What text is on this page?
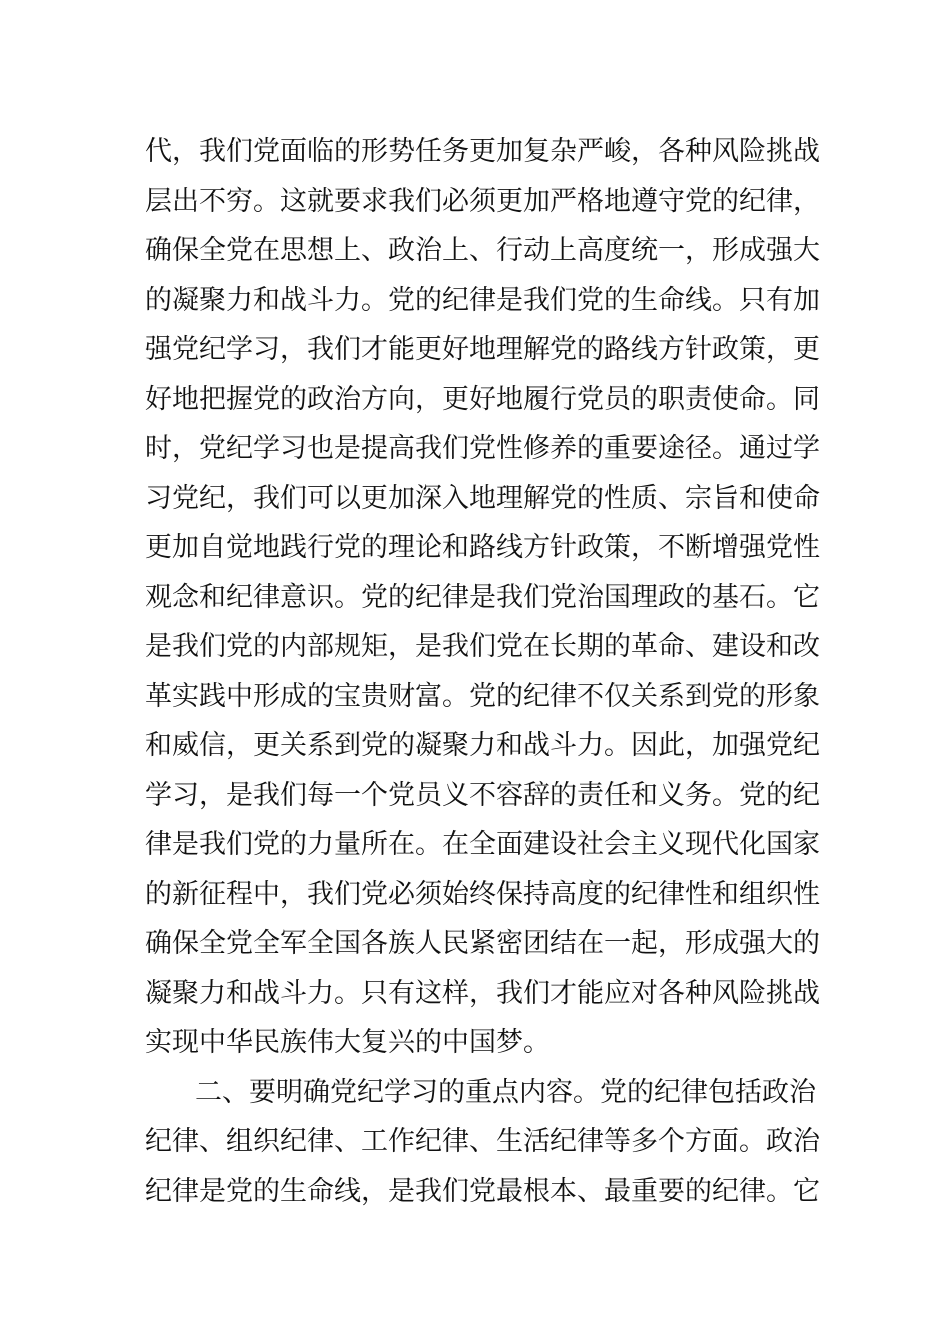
代，我们党面临的形势任务更加复杂严峻，各种风险挑战
层出不穷。这就要求我们必须更加严格地遵守党的纪律，
确保全党在思想上、政治上、行动上高度统一，形成强大
的凝聚力和战斗力。党的纪律是我们党的生命线。只有加
强党纪学习，我们才能更好地理解党的路线方针政策，更
好地把握党的政治方向，更好地履行党员的职责使命。同
时，党纪学习也是提高我们党性修养的重要途径。通过学
习党纪，我们可以更加深入地理解党的性质、宗旨和使命
更加自觉地践行党的理论和路线方针政策，不断增强党性
观念和纪律意识。党的纪律是我们党治国理政的基石。它
是我们党的内部规矩，是我们党在长期的革命、建设和改
革实践中形成的宝贵财富。党的纪律不仅关系到党的形象
和威信，更关系到党的凝聚力和战斗力。因此，加强党纪
学习，是我们每一个党员义不容辞的责任和义务。党的纪
律是我们党的力量所在。在全面建设社会主义现代化国家
的新征程中，我们党必须始终保持高度的纪律性和组织性
确保全党全军全国各族人民紧密团结在一起，形成强大的
凝聚力和战斗力。只有这样，我们才能应对各种风险挑战
实现中华民族伟大复兴的中国梦。
二、要明确党纪学习的重点内容。党的纪律包括政治
纪律、组织纪律、工作纪律、生活纪律等多个方面。政治
纪律是党的生命线，是我们党最根本、最重要的纪律。它
